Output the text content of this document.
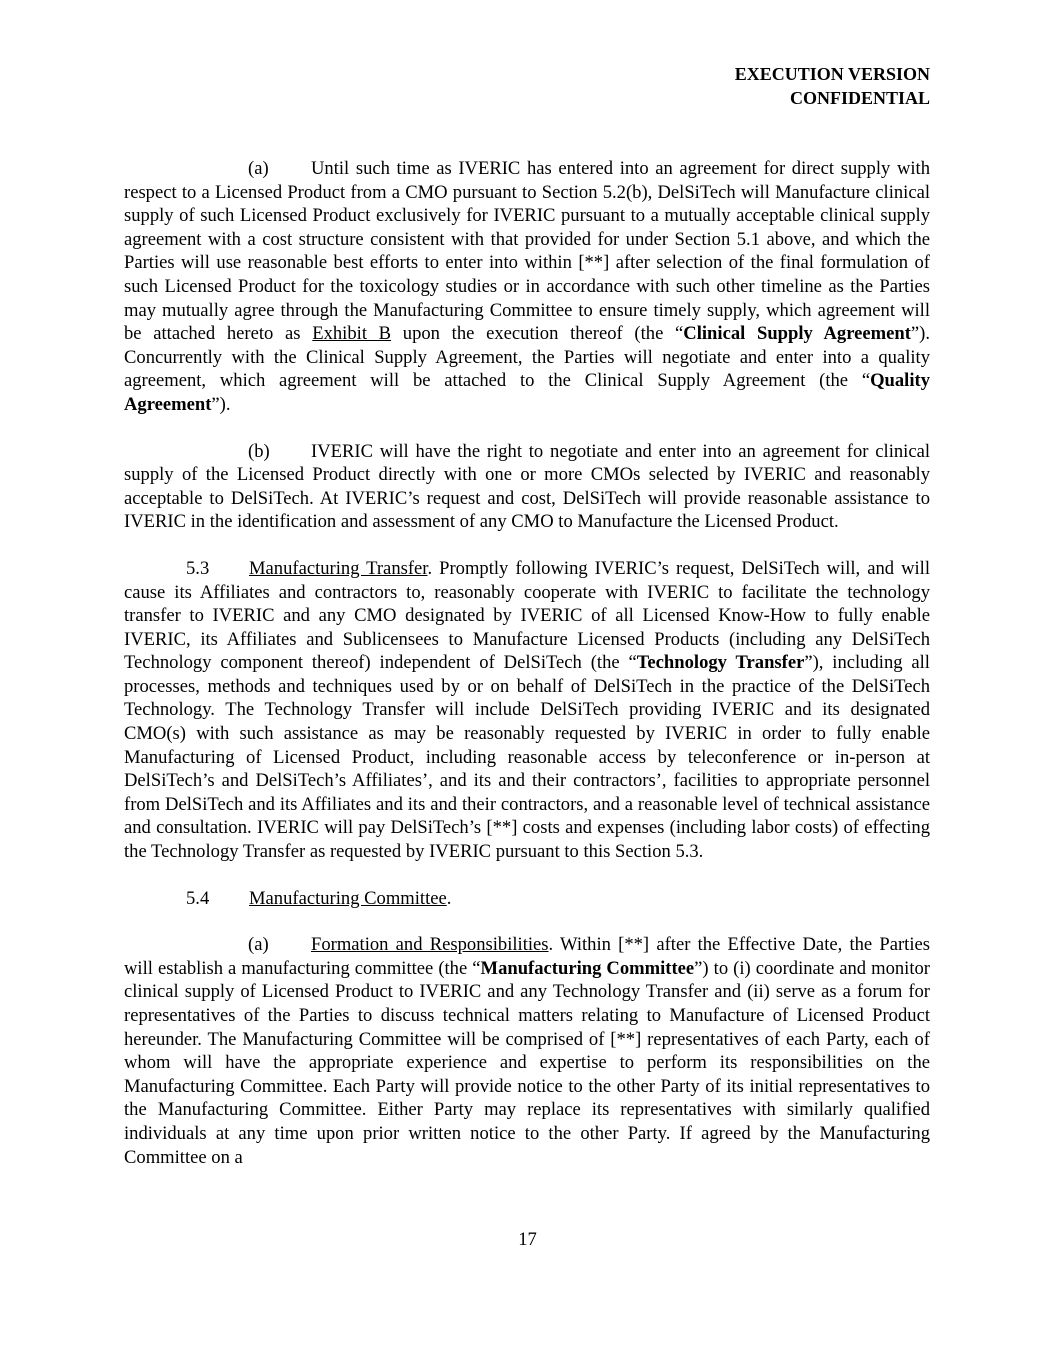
EXECUTION VERSION
CONFIDENTIAL

(a) Until such time as IVERIC has entered into an agreement for direct supply with respect to a Licensed Product from a CMO pursuant to Section 5.2(b), DelSiTech will Manufacture clinical supply of such Licensed Product exclusively for IVERIC pursuant to a mutually acceptable clinical supply agreement with a cost structure consistent with that provided for under Section 5.1 above, and which the Parties will use reasonable best efforts to enter into within [**] after selection of the final formulation of such Licensed Product for the toxicology studies or in accordance with such other timeline as the Parties may mutually agree through the Manufacturing Committee to ensure timely supply, which agreement will be attached hereto as Exhibit B upon the execution thereof (the “Clinical Supply Agreement”). Concurrently with the Clinical Supply Agreement, the Parties will negotiate and enter into a quality agreement, which agreement will be attached to the Clinical Supply Agreement (the “Quality Agreement”).

(b) IVERIC will have the right to negotiate and enter into an agreement for clinical supply of the Licensed Product directly with one or more CMOs selected by IVERIC and reasonably acceptable to DelSiTech. At IVERIC’s request and cost, DelSiTech will provide reasonable assistance to IVERIC in the identification and assessment of any CMO to Manufacture the Licensed Product.

5.3 Manufacturing Transfer. Promptly following IVERIC’s request, DelSiTech will, and will cause its Affiliates and contractors to, reasonably cooperate with IVERIC to facilitate the technology transfer to IVERIC and any CMO designated by IVERIC of all Licensed Know-How to fully enable IVERIC, its Affiliates and Sublicensees to Manufacture Licensed Products (including any DelSiTech Technology component thereof) independent of DelSiTech (the “Technology Transfer”), including all processes, methods and techniques used by or on behalf of DelSiTech in the practice of the DelSiTech Technology. The Technology Transfer will include DelSiTech providing IVERIC and its designated CMO(s) with such assistance as may be reasonably requested by IVERIC in order to fully enable Manufacturing of Licensed Product, including reasonable access by teleconference or in-person at DelSiTech’s and DelSiTech’s Affiliates’, and its and their contractors’, facilities to appropriate personnel from DelSiTech and its Affiliates and its and their contractors, and a reasonable level of technical assistance and consultation. IVERIC will pay DelSiTech’s [**] costs and expenses (including labor costs) of effecting the Technology Transfer as requested by IVERIC pursuant to this Section 5.3.

5.4 Manufacturing Committee.

(a) Formation and Responsibilities. Within [**] after the Effective Date, the Parties will establish a manufacturing committee (the “Manufacturing Committee”) to (i) coordinate and monitor clinical supply of Licensed Product to IVERIC and any Technology Transfer and (ii) serve as a forum for representatives of the Parties to discuss technical matters relating to Manufacture of Licensed Product hereunder. The Manufacturing Committee will be comprised of [**] representatives of each Party, each of whom will have the appropriate experience and expertise to perform its responsibilities on the Manufacturing Committee. Each Party will provide notice to the other Party of its initial representatives to the Manufacturing Committee. Either Party may replace its representatives with similarly qualified individuals at any time upon prior written notice to the other Party. If agreed by the Manufacturing Committee on a

17
